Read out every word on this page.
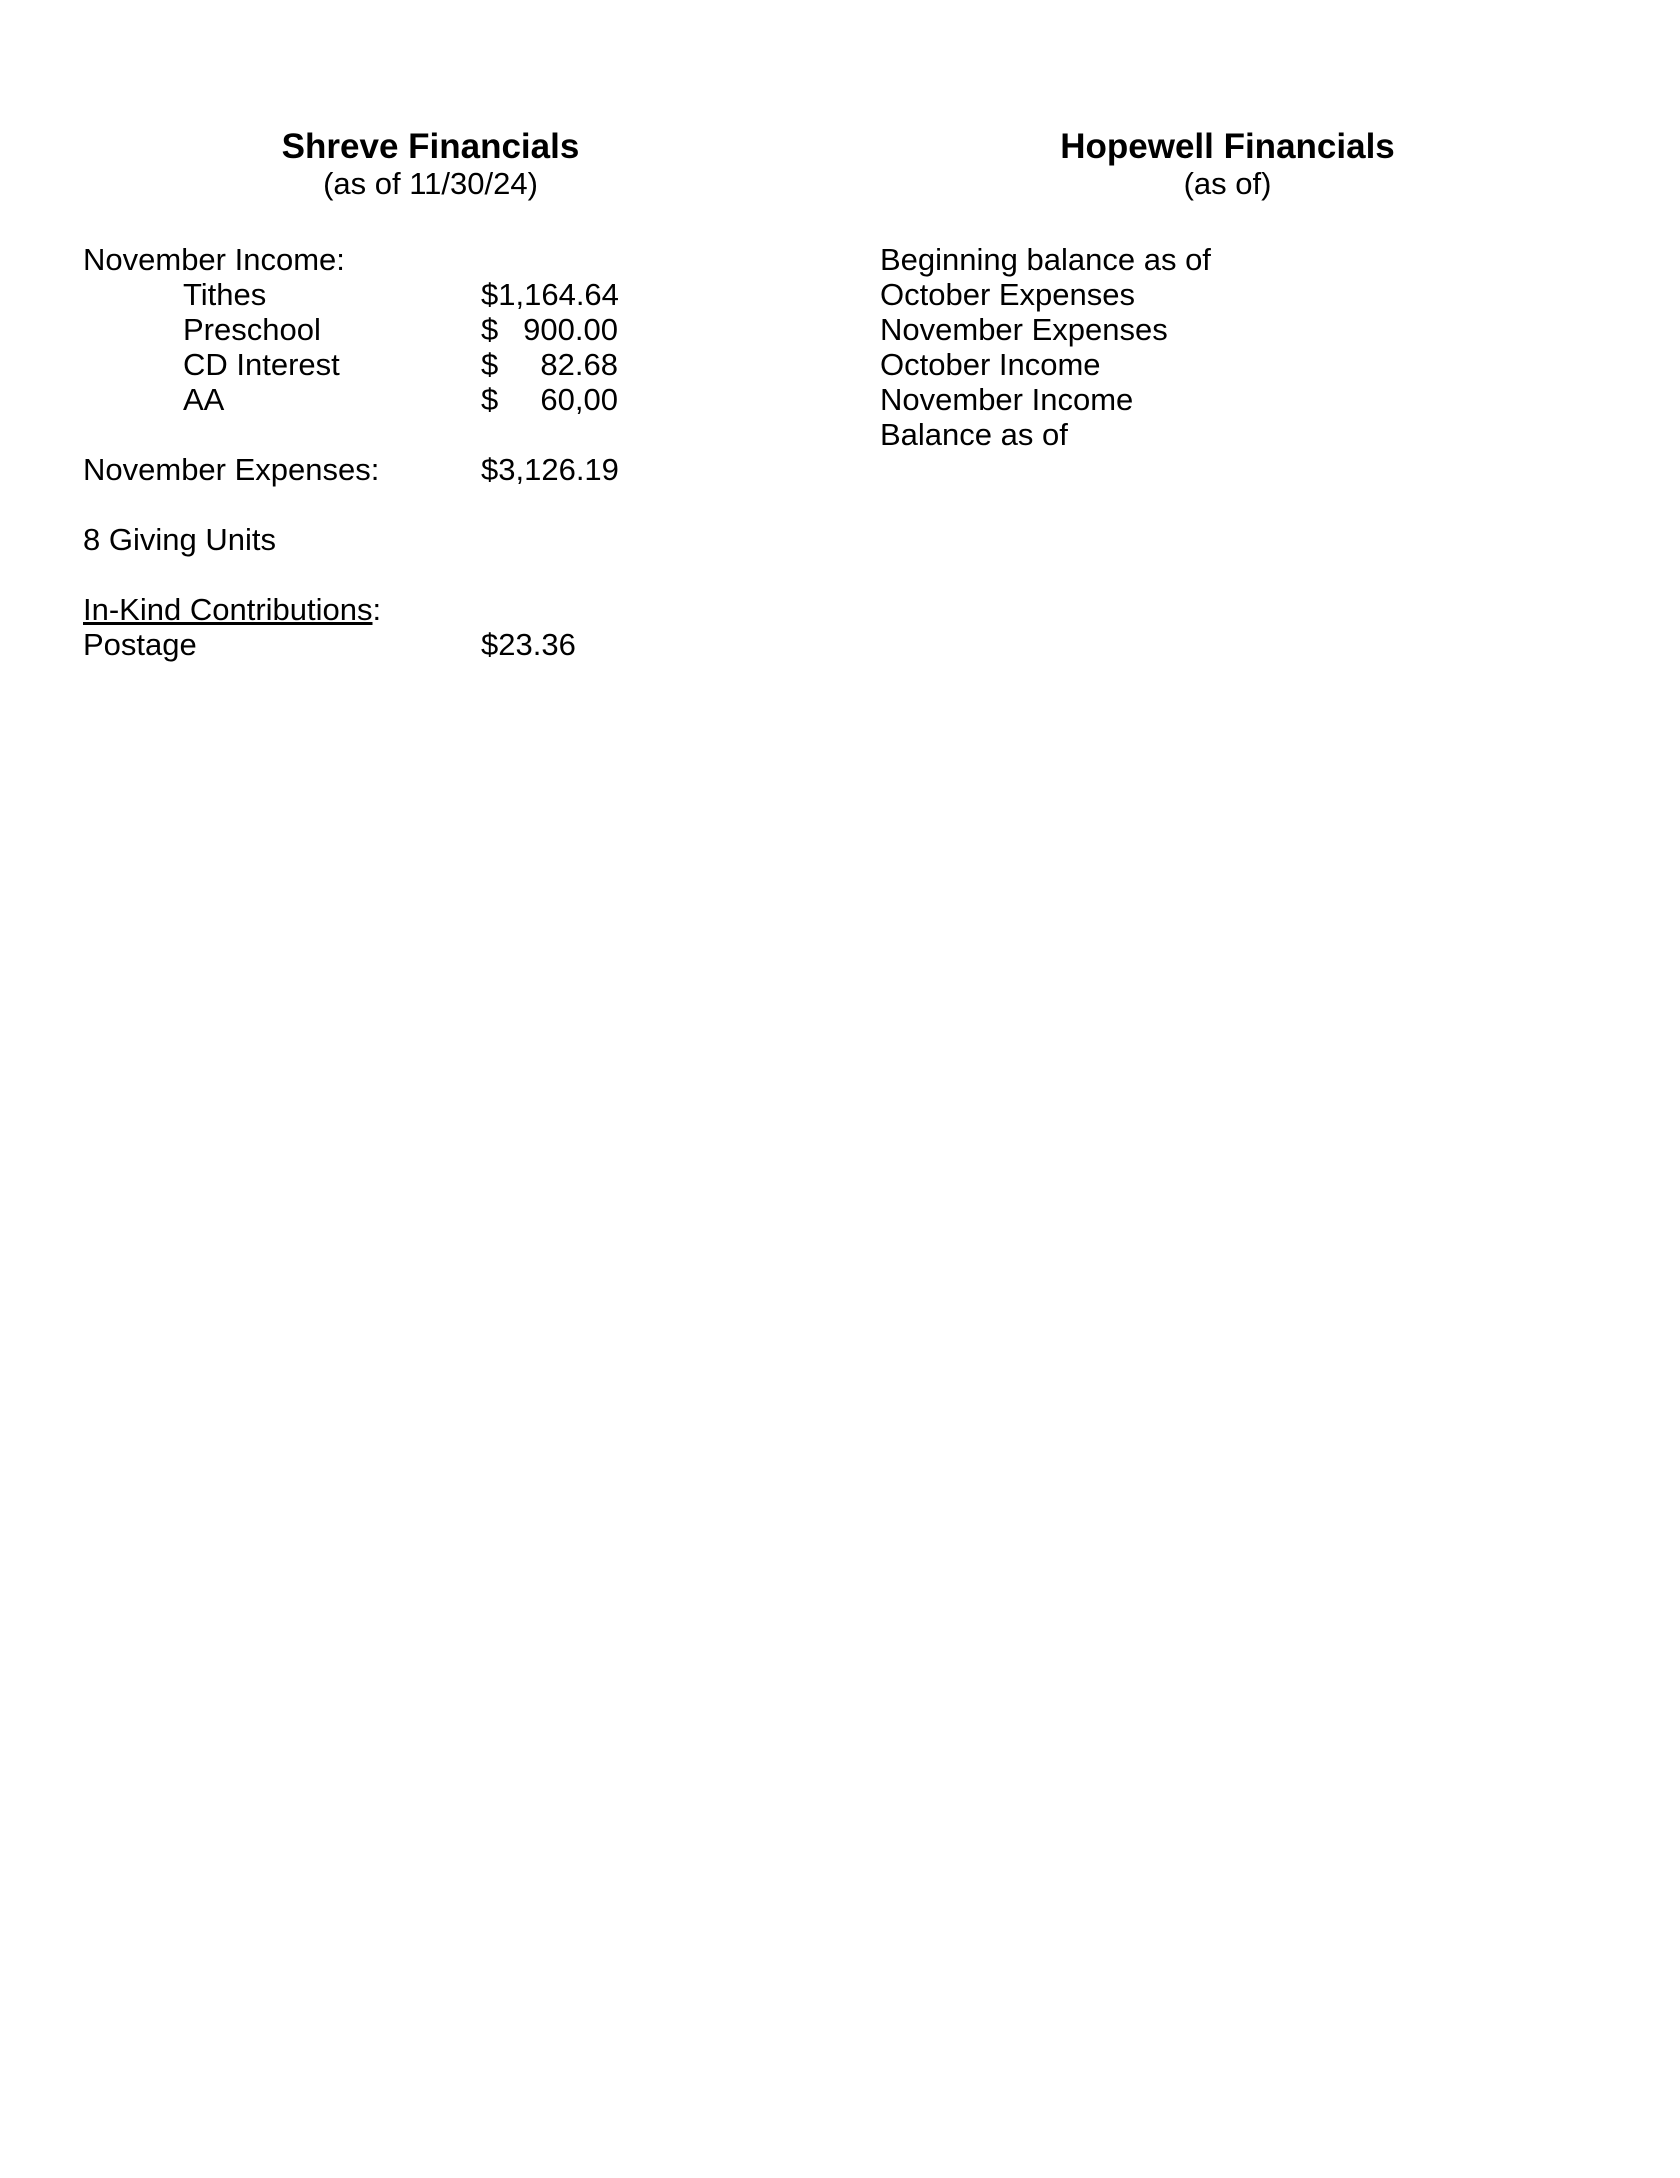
Shreve Financials
(as of 11/30/24)
November Income:
Tithes	$1,164.64
Preschool	$ 900.00
CD Interest	$	82.68
AA	$	60,00
November Expenses:	$3,126.19
8 Giving Units
In-Kind Contributions:
Postage	$23.36
Hopewell Financials
(as of)
Beginning balance as of
October Expenses
November Expenses
October Income
November Income
Balance as of
